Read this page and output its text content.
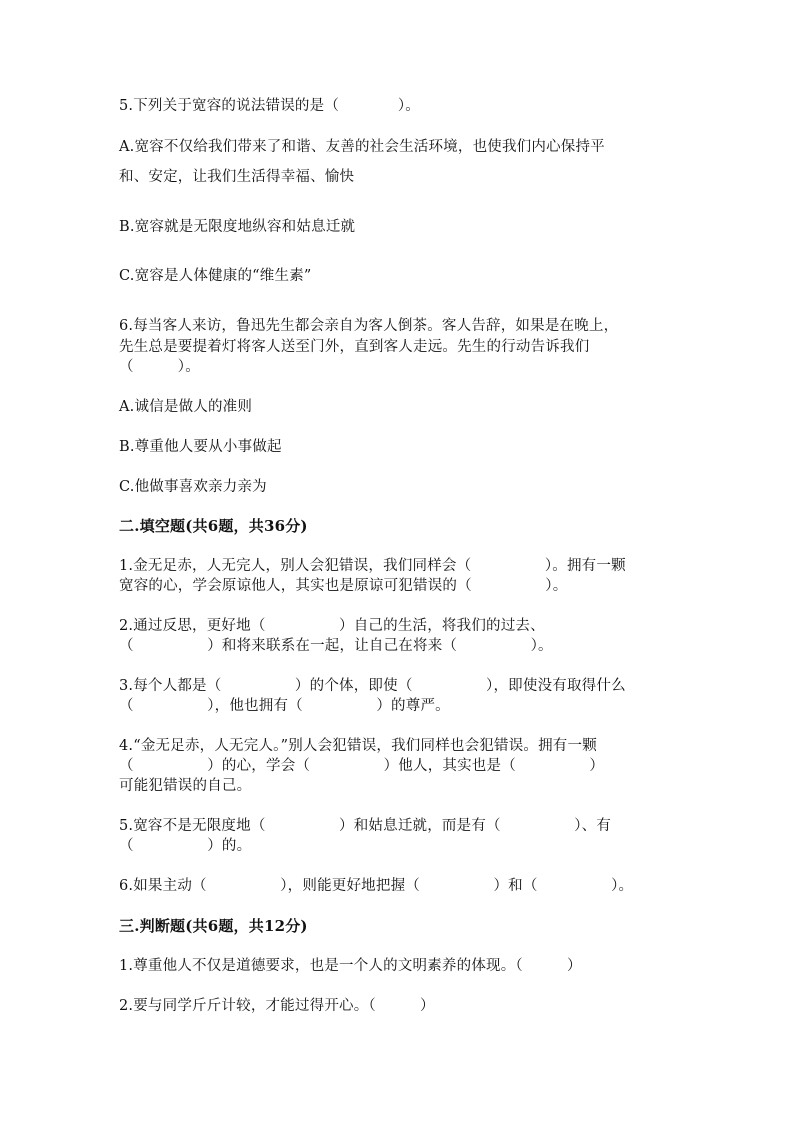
5.下列关于宽容的说法错误的是（　　　　）。
A.宽容不仅给我们带来了和谐、友善的社会生活环境，也使我们内心保持平
和、安定，让我们生活得幸福、愉快
B.宽容就是无限度地纵容和姑息迁就
C.宽容是人体健康的“维生素”
6.每当客人来访，鲁迅先生都会亲自为客人倒茶。客人告辞，如果是在晚上，
先生总是要提着灯将客人送至门外，直到客人走远。先生的行动告诉我们
（　　　）。
A.诚信是做人的准则
B.尊重他人要从小事做起
C.他做事喜欢亲力亲为
二.填空题(共6题，共36分)
1.金无足赤，人无完人，别人会犯错误，我们同样会（　　　　　）。拥有一颗
宽容的心，学会原谅他人，其实也是原谅可犯错误的（　　　　　）。
2.通过反思，更好地（　　　　　）自己的生活，将我们的过去、
（　　　　　）和将来联系在一起，让自己在将来（　　　　　）。
3.每个人都是（　　　　　）的个体，即使（　　　　　），即使没有取得什么
（　　　　　），他也拥有（　　　　　）的尊严。
4.“金无足赤，人无完人。”别人会犯错误，我们同样也会犯错误。拥有一颗
（　　　　　）的心，学会（　　　　　）他人，其实也是（　　　　　）
可能犯错误的自己。
5.宽容不是无限度地（　　　　　）和姑息迁就，而是有（　　　　　）、有
（　　　　　）的。
6.如果主动（　　　　　），则能更好地把握（　　　　　）和（　　　　　）。
三.判断题(共6题，共12分)
1.尊重他人不仅是道德要求，也是一个人的文明素养的体现。（　　　）
2.要与同学斤斤计较，才能过得开心。（　　　）
